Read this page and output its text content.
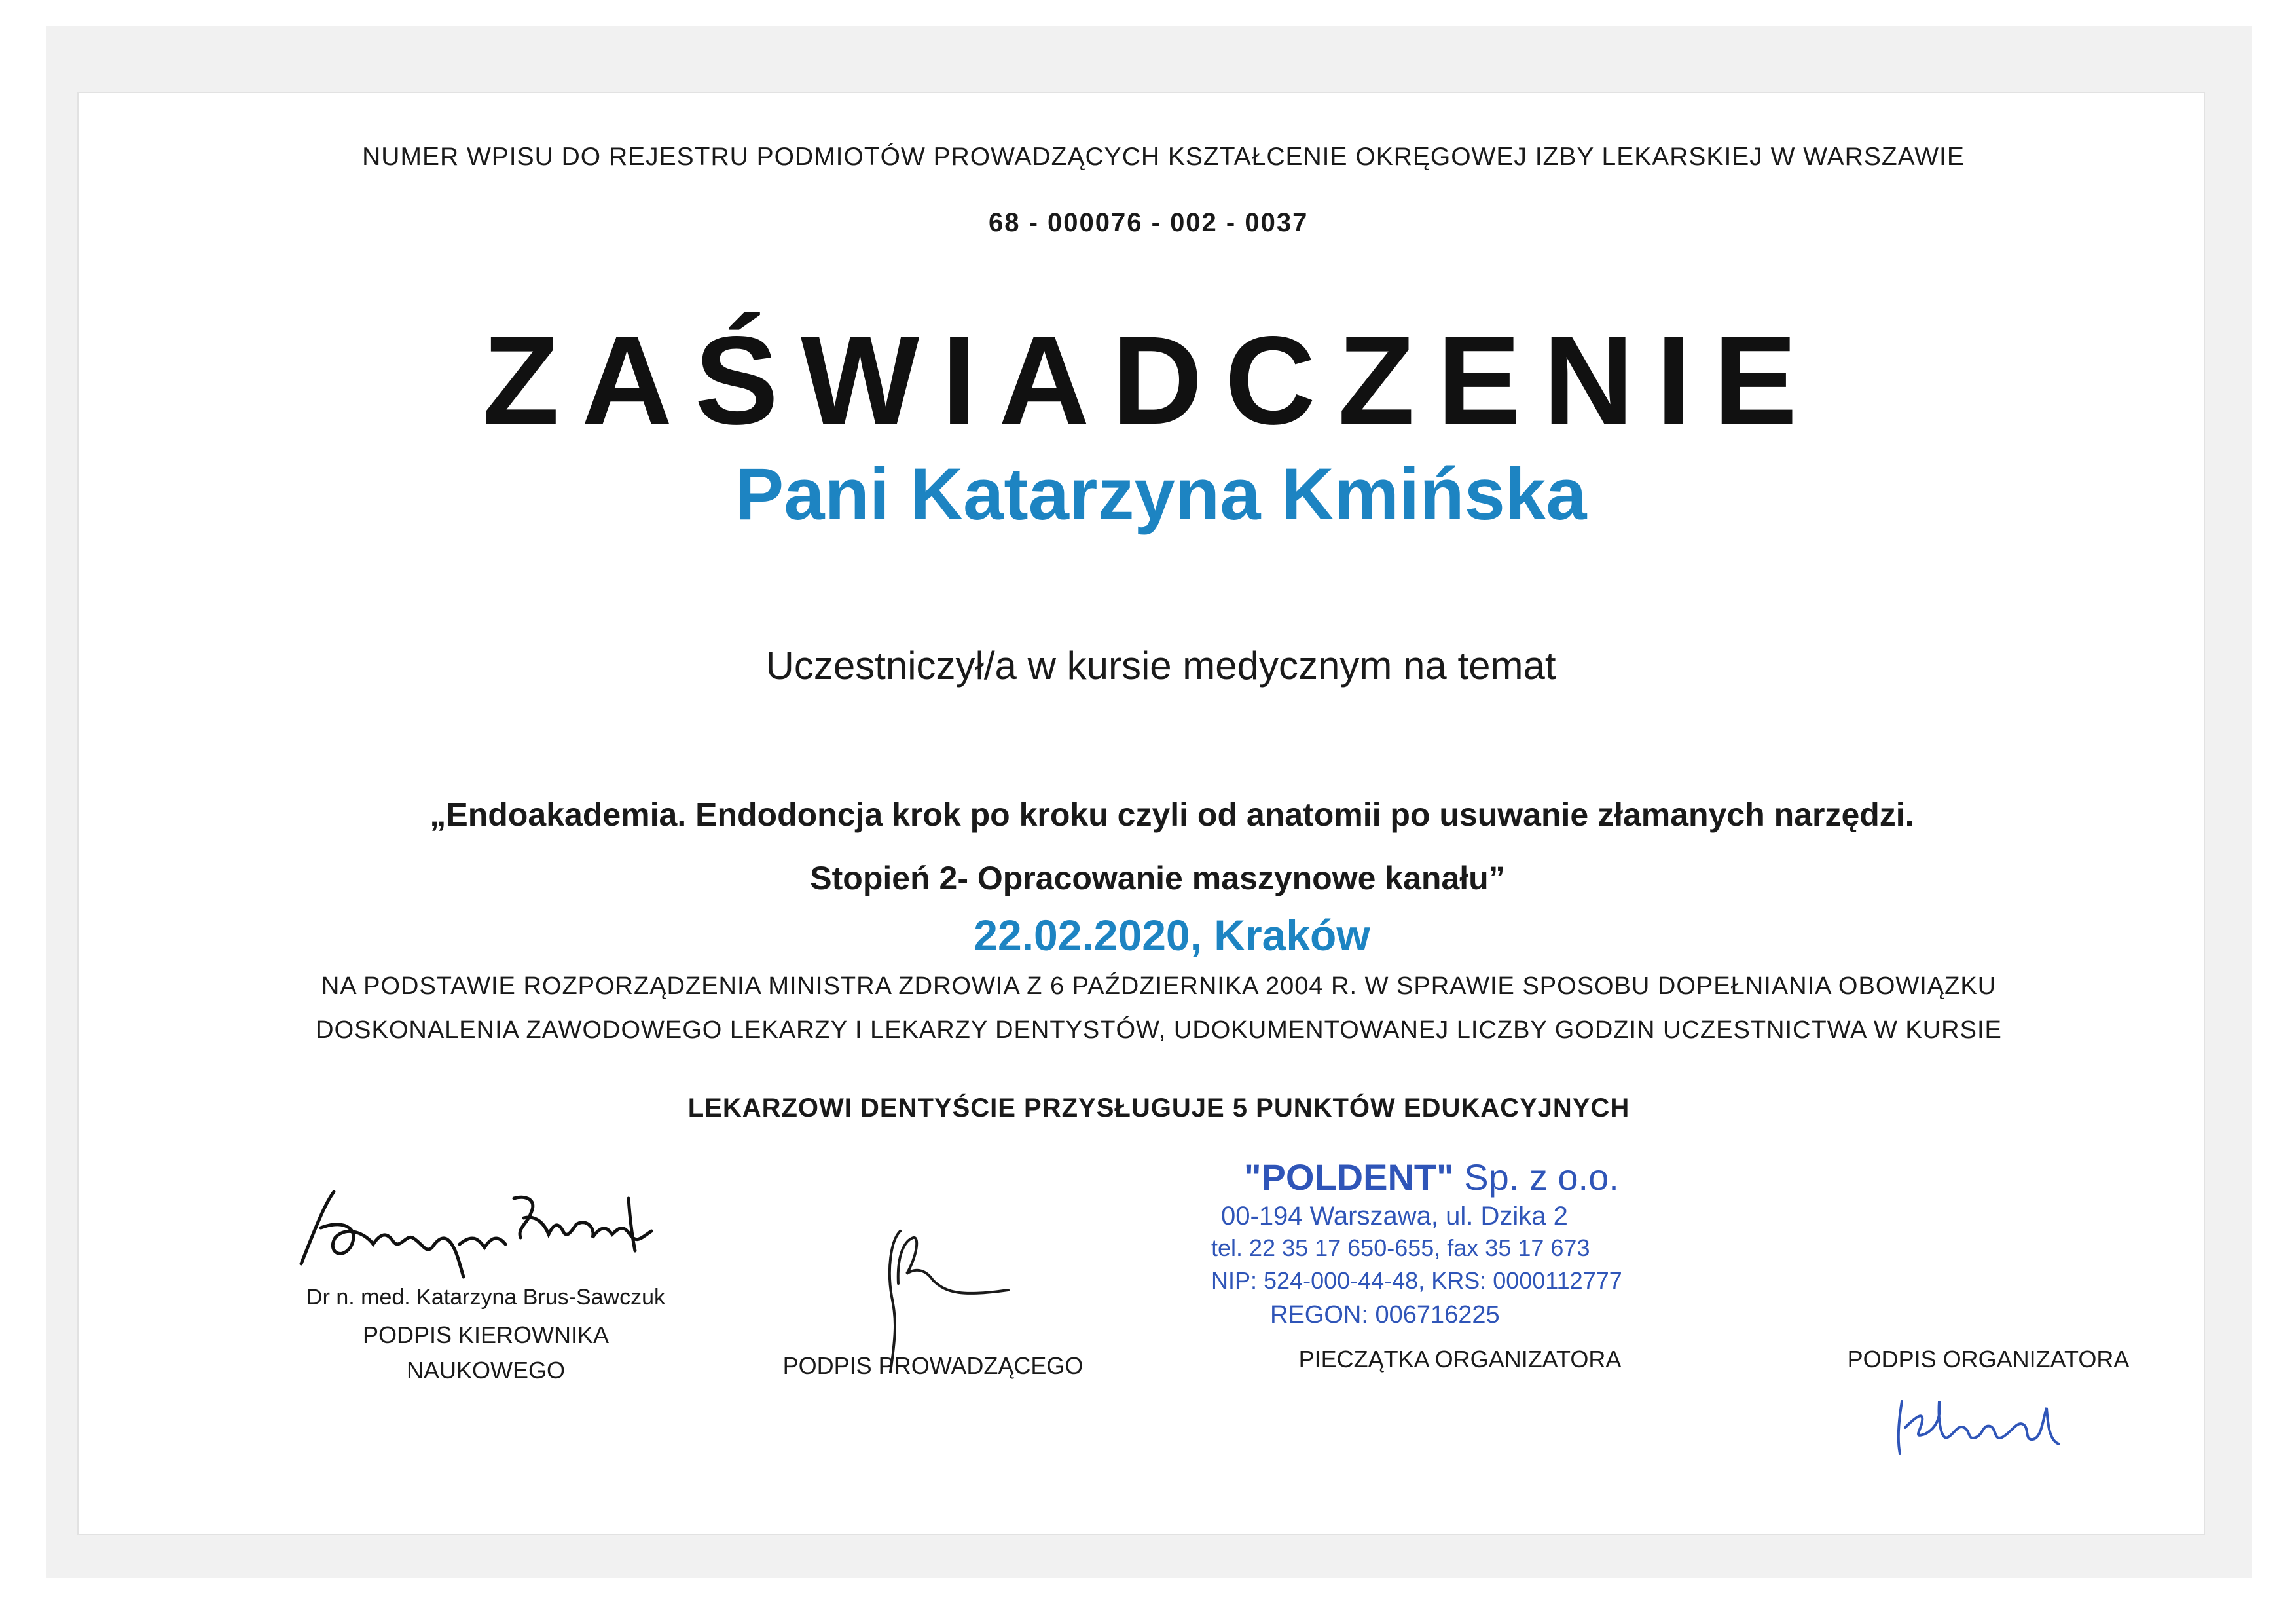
NUMER WPISU DO REJESTRU PODMIOTÓW PROWADZĄCYCH KSZTAŁCENIE OKRĘGOWEJ IZBY LEKARSKIEJ W WARSZAWIE
68 - 000076 - 002 - 0037
ZAŚWIADCZENIE
Pani Katarzyna Kmińska
Uczestniczył/a w kursie medycznym na temat
„Endoakademia. Endodoncja krok po kroku czyli od anatomii po usuwanie złamanych narzędzi.
Stopień 2- Opracowanie maszynowe kanału”
22.02.2020, Kraków
NA PODSTAWIE ROZPORZĄDZENIA MINISTRA ZDROWIA Z 6 PAŹDZIERNIKA 2004 R. W SPRAWIE SPOSOBU DOPEŁNIANIA OBOWIĄZKU
DOSKONALENIA ZAWODOWEGO LEKARZY I LEKARZY DENTYSTÓW, UDOKUMENTOWANEJ LICZBY GODZIN UCZESTNICTWA W KURSIE
LEKARZOWI DENTYŚCIE PRZYSŁUGUJE 5 PUNKTÓW EDUKACYJNYCH
Dr n. med. Katarzyna Brus-Sawczuk
PODPIS KIEROWNIKA
NAUKOWEGO	PODPIS PROWADZĄCEGO
"POLDENT" Sp. z o.o.
00-194 Warszawa, ul. Dzika 2
tel. 22 35 17 650-655, fax 35 17 673
NIP: 524-000-44-48, KRS: 0000112777
REGON: 006716225
PIECZĄTKA ORGANIZATORA	PODPIS ORGANIZATORA
